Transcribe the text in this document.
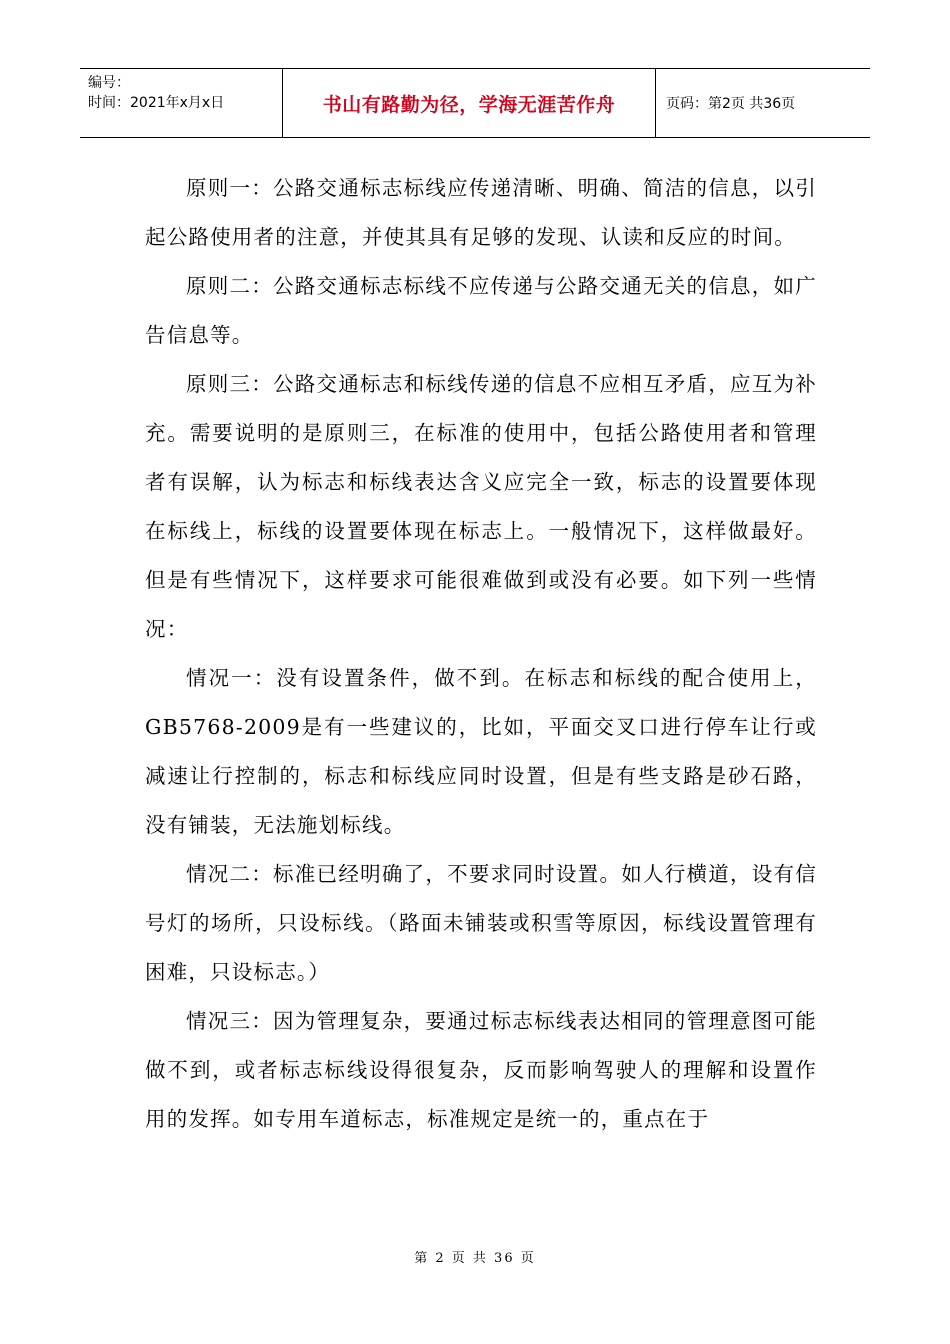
编号：
时间：2021年x月x日	书山有路勤为径，学海无涯苦作舟	页码：第2页 共36页

原则一：公路交通标志标线应传递清晰、明确、简洁的信息，以引起公路使用者的注意，并使其具有足够的发现、认读和反应的时间。

原则二：公路交通标志标线不应传递与公路交通无关的信息，如广告信息等。

原则三：公路交通标志和标线传递的信息不应相互矛盾，应互为补充。需要说明的是原则三，在标准的使用中，包括公路使用者和管理者有误解，认为标志和标线表达含义应完全一致，标志的设置要体现在标线上，标线的设置要体现在标志上。一般情况下，这样做最好。但是有些情况下，这样要求可能很难做到或没有必要。如下列一些情况：

情况一：没有设置条件，做不到。在标志和标线的配合使用上，GB5768-2009是有一些建议的，比如，平面交叉口进行停车让行或减速让行控制的，标志和标线应同时设置，但是有些支路是砂石路，没有铺装，无法施划标线。

情况二：标准已经明确了，不要求同时设置。如人行横道，设有信号灯的场所，只设标线。（路面未铺装或积雪等原因，标线设置管理有困难，只设标志。）

情况三：因为管理复杂，要通过标志标线表达相同的管理意图可能做不到，或者标志标线设得很复杂，反而影响驾驶人的理解和设置作用的发挥。如专用车道标志，标准规定是统一的，重点在于

第 2 页 共 36 页
